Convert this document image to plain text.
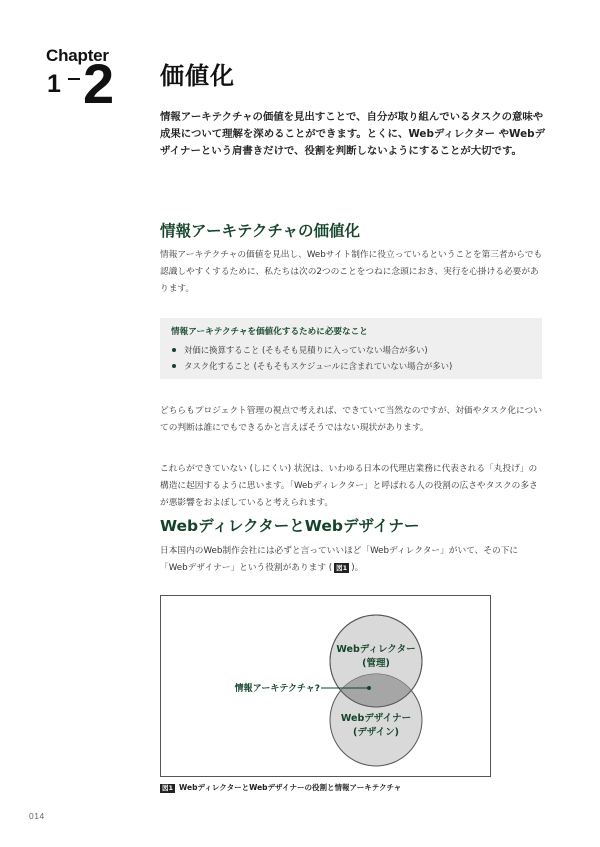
Chapter
1 2 価値化

情報アーキテクチャの価値を見出すことで、自分が取り組んでいるタスクの意味や成果について理解を深めることができます。とくに、Webディレクター やWebデザイナーという肩書きだけで、役割を判断しないようにすることが大切です。

情報アーキテクチャの価値化

情報アーキテクチャの価値を見出し、Webサイト制作に役立っているということを第三者からでも認識しやすくするために、私たちは次の2つのことをつねに念頭におき、実行を心掛ける必要があります。

情報アーキテクチャを価値化するために必要なこと
対価に換算すること (そもそも見積りに入っていない場合が多い)
タスク化すること (そもそもスケジュールに含まれていない場合が多い)

どちらもプロジェクト管理の視点で考えれば、できていて当然なのですが、対価やタスク化についての判断は誰にでもできるかと言えばそうではない現状があります。

これらができていない (しにくい) 状況は、いわゆる日本の代理店業務に代表される「丸投げ」の構造に起因するように思います。「Webディレクター」と呼ばれる人の役割の広さやタスクの多さが悪影響をおよぼしていると考えられます。

WebディレクターとWebデザイナー

日本国内のWeb制作会社には必ずと言っていいほど「Webディレクター」がいて、その下に「Webデザイナー」という役割があります ( 図1 )。

Webディレクター
(管理)
Webデザイナー
(デザイン)
情報アーキテクチャ?
図1 WebディレクターとWebデザイナーの役割と情報アーキテクチャ
014
